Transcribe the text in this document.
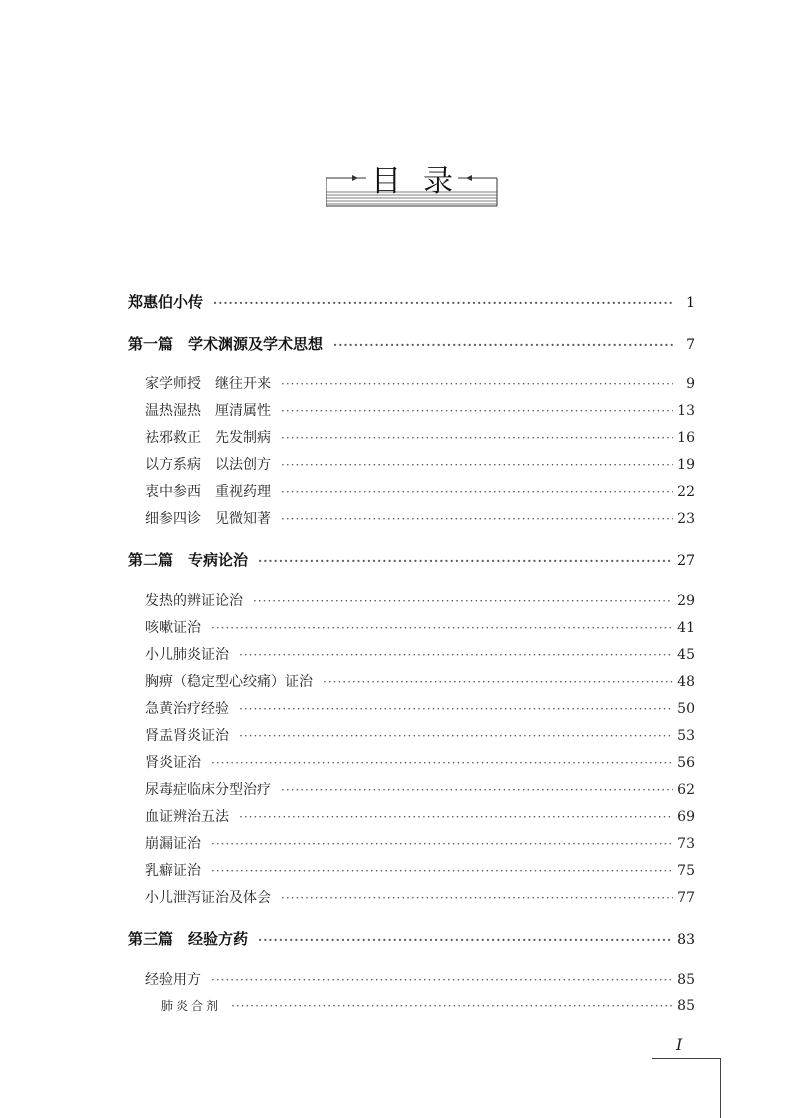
目录
郑惠伯小传 ·····	1
第一篇　学术渊源及学术思想 ·····	7
家学师授　继往开来 ·····	9
温热湿热　厘清属性 ·····	13
祛邪救正　先发制病 ·····	16
以方系病　以法创方 ·····	19
衷中参西　重视药理 ·····	22
细参四诊　见微知著 ·····	23
第二篇　专病论治 ·····	27
发热的辨证论治 ·····	29
咳嗽证治 ·····	41
小儿肺炎证治 ·····	45
胸痹（稳定型心绞痛）证治 ·····	48
急黄治疗经验 ·····	50
肾盂肾炎证治 ·····	53
肾炎证治 ·····	56
尿毒症临床分型治疗 ·····	62
血证辨治五法 ·····	69
崩漏证治 ·····	73
乳癖证治 ·····	75
小儿泄泻证治及体会 ·····	77
第三篇　经验方药 ·····	83
经验用方 ·····	85
肺炎合剂 ·····	85
I
